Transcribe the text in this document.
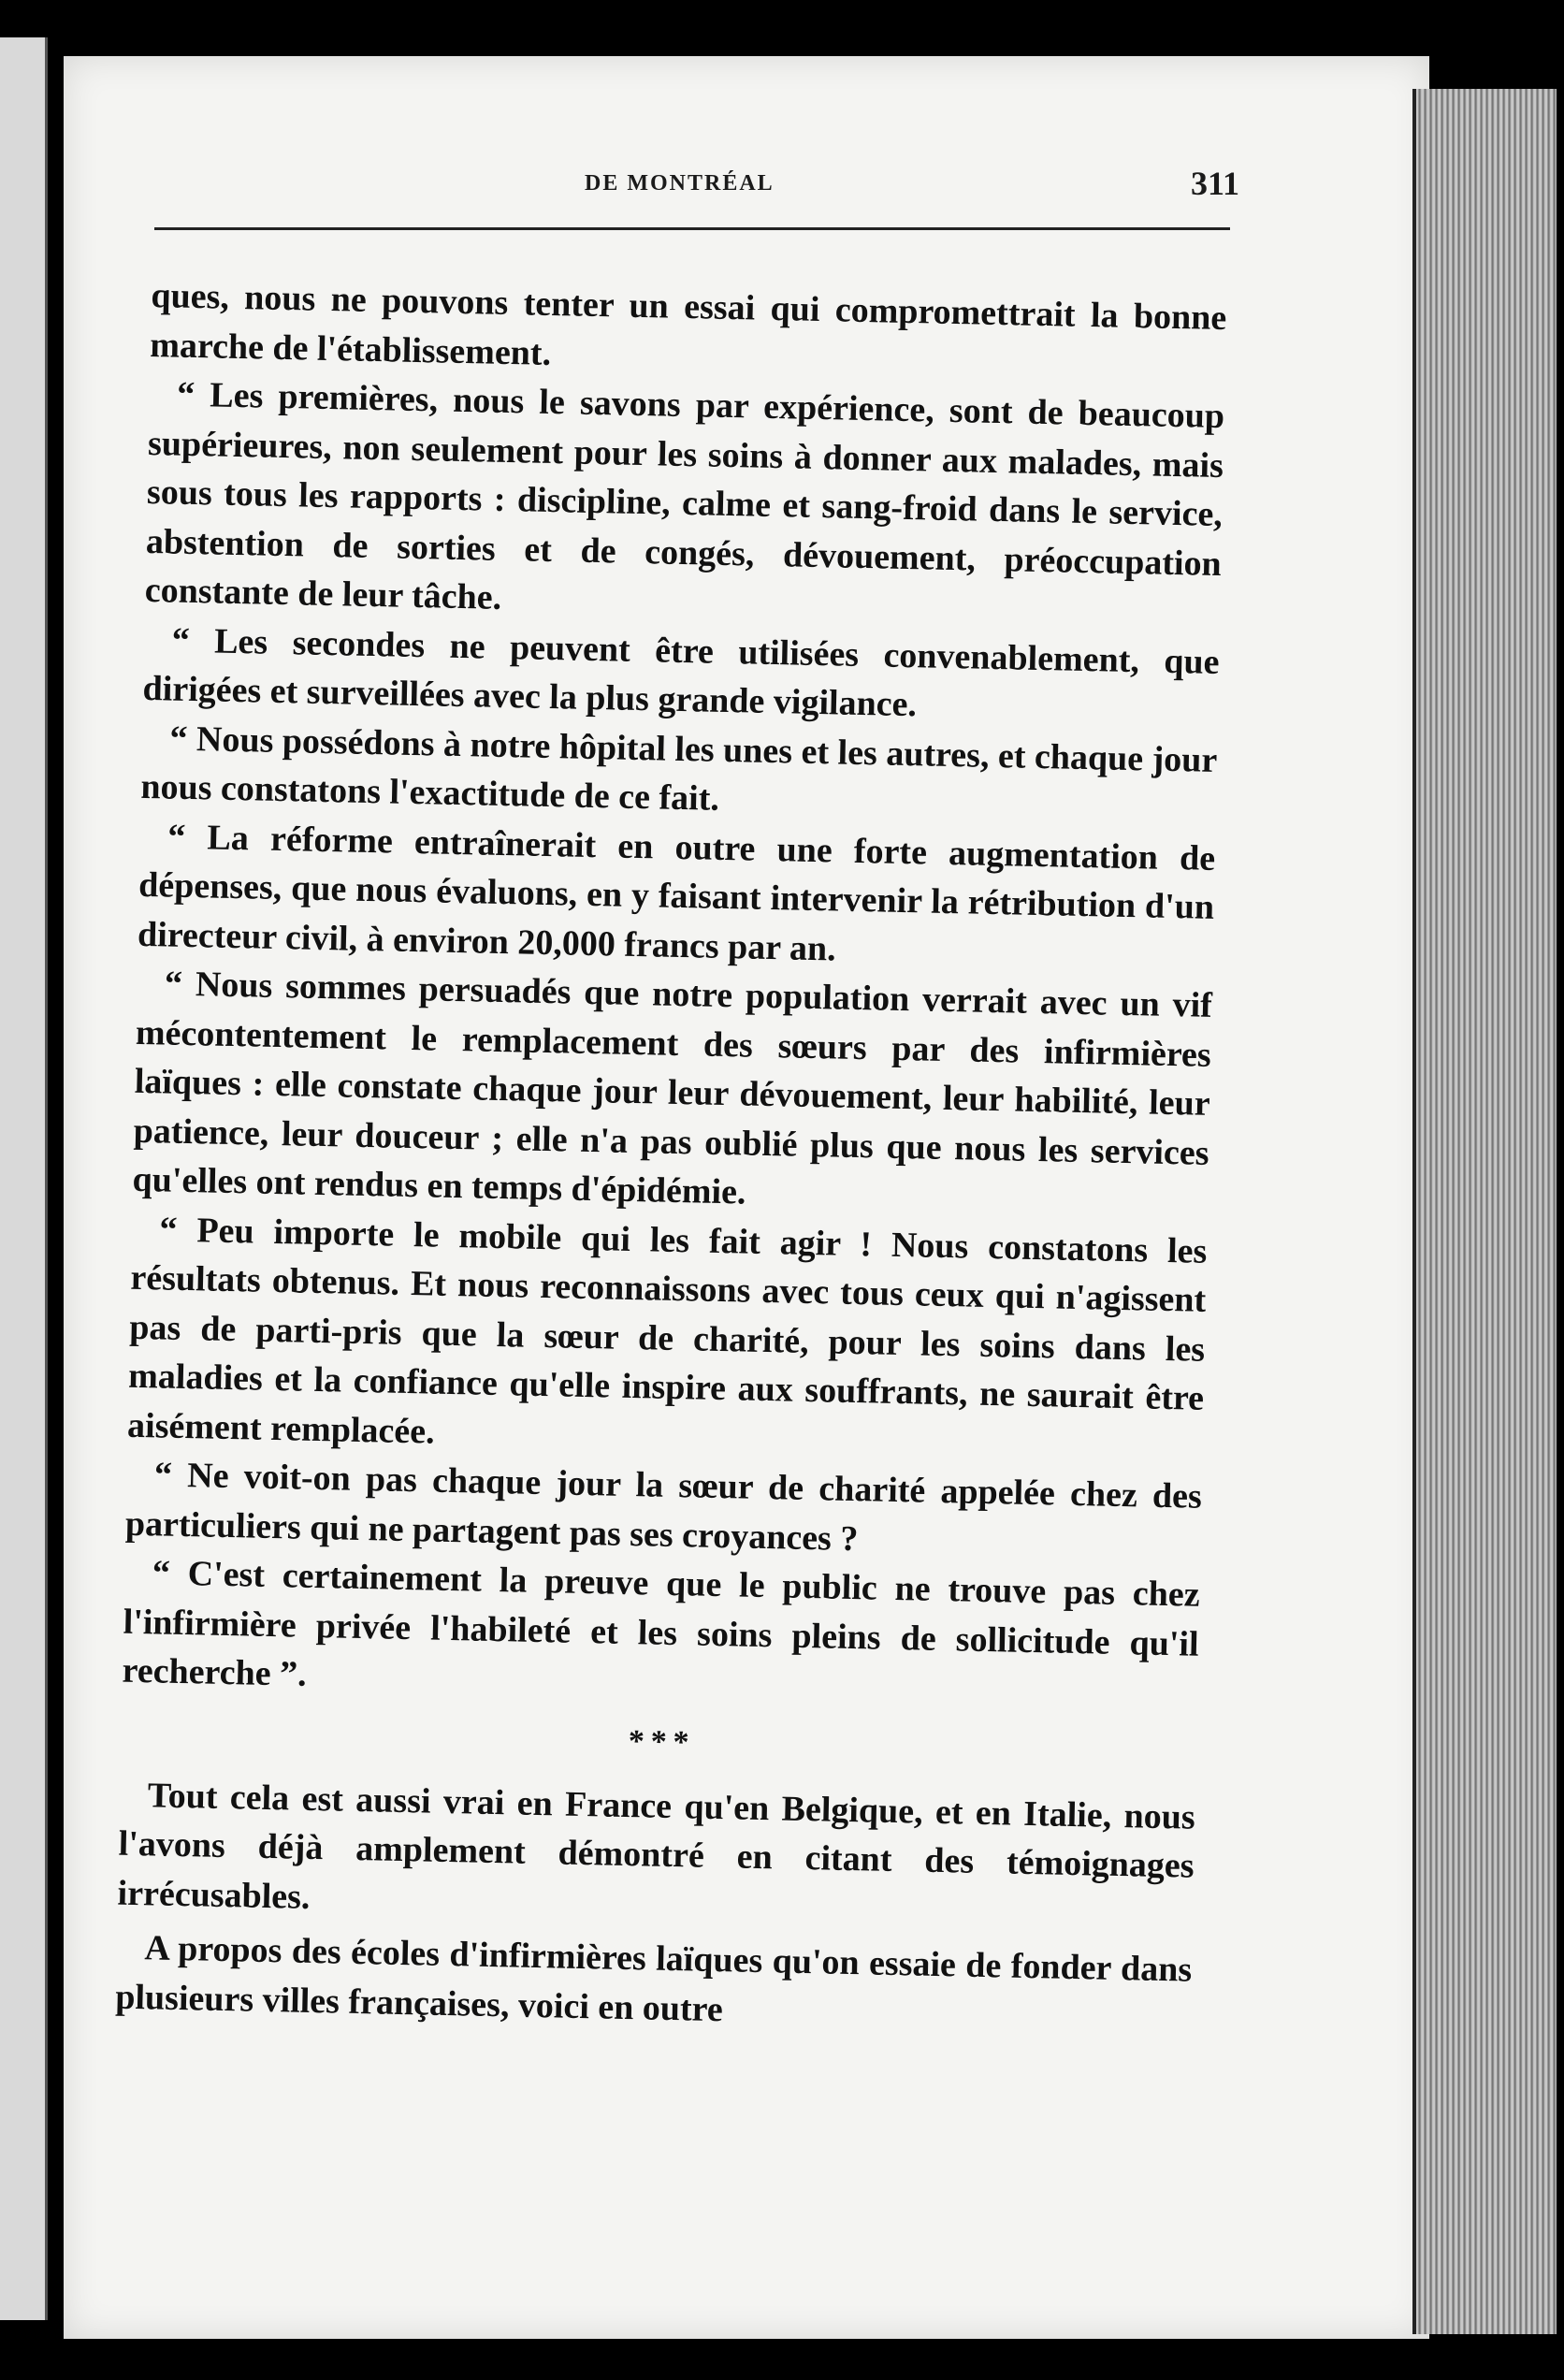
DE MONTRÉAL	311

ques, nous ne pouvons tenter un essai qui compromettrait la bonne marche de l'établissement.

“ Les premières, nous le savons par expérience, sont de beaucoup supérieures, non seulement pour les soins à donner aux malades, mais sous tous les rapports : discipline, calme et sang-froid dans le service, abstention de sorties et de congés, dévouement, préoccupation constante de leur tâche.

“ Les secondes ne peuvent être utilisées convenablement, que dirigées et surveillées avec la plus grande vigilance.

“ Nous possédons à notre hôpital les unes et les autres, et chaque jour nous constatons l'exactitude de ce fait.

“ La réforme entraînerait en outre une forte augmentation de dépenses, que nous évaluons, en y faisant intervenir la rétribution d'un directeur civil, à environ 20,000 francs par an.

“ Nous sommes persuadés que notre population verrait avec un vif mécontentement le remplacement des sœurs par des infirmières laïques : elle constate chaque jour leur dévouement, leur habilité, leur patience, leur douceur ; elle n'a pas oublié plus que nous les services qu'elles ont rendus en temps d'épidémie.

“ Peu importe le mobile qui les fait agir ! Nous constatons les résultats obtenus. Et nous reconnaissons avec tous ceux qui n'agissent pas de parti-pris que la sœur de charité, pour les soins dans les maladies et la confiance qu'elle inspire aux souffrants, ne saurait être aisément remplacée.

“ Ne voit-on pas chaque jour la sœur de charité appelée chez des particuliers qui ne partagent pas ses croyances ?

“ C'est certainement la preuve que le public ne trouve pas chez l'infirmière privée l'habileté et les soins pleins de sollicitude qu'il recherche ”.

* * *

Tout cela est aussi vrai en France qu'en Belgique, et en Italie, nous l'avons déjà amplement démontré en citant des témoignages irrécusables.

A propos des écoles d'infirmières laïques qu'on essaie de fonder dans plusieurs villes françaises, voici en outre
